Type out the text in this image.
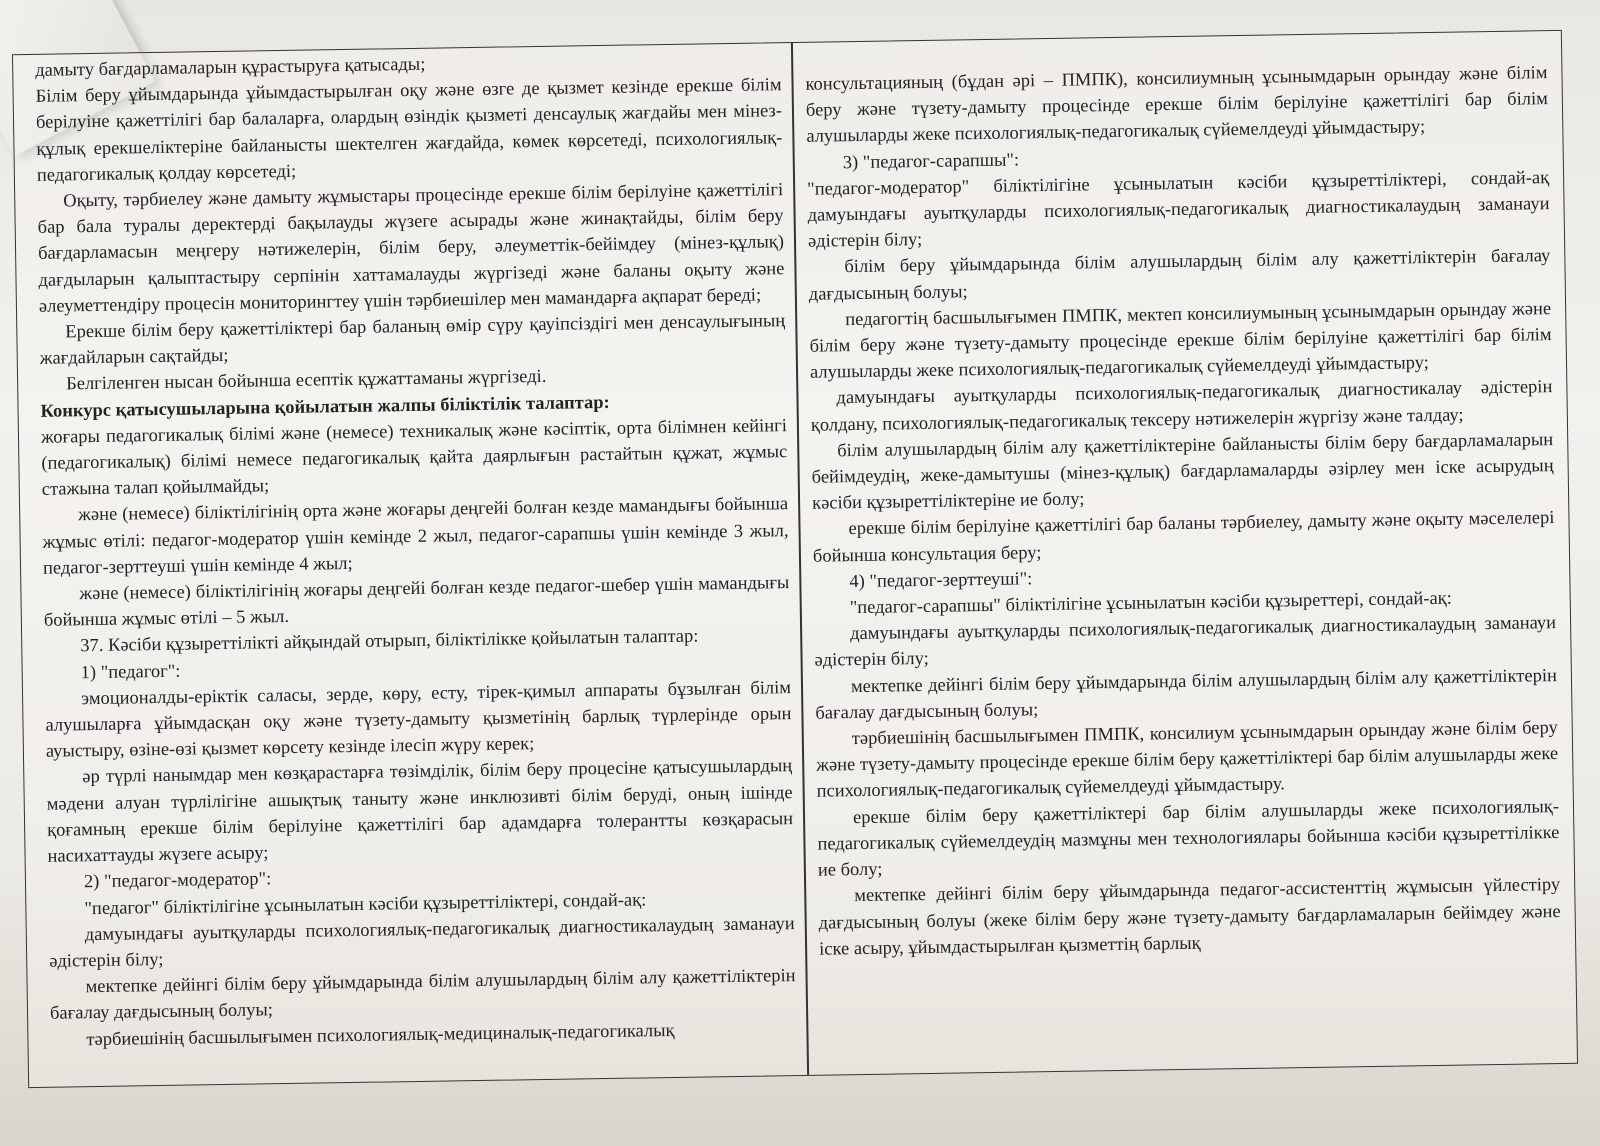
дамыту бағдарламаларын құрастыруға қатысады;

Білім беру ұйымдарында ұйымдастырылған оқу және өзге де қызмет кезінде ерекше білім берілуіне қажеттілігі бар балаларға, олардың өзіндік қызметі денсаулық жағдайы мен мінез-құлық ерекшеліктеріне байланысты шектелген жағдайда, көмек көрсетеді, психологиялық-педагогикалық қолдау көрсетеді;

Оқыту, тәрбиелеу және дамыту жұмыстары процесінде ерекше білім берілуіне қажеттілігі бар бала туралы деректерді бақылауды жүзеге асырады және жинақтайды, білім беру бағдарламасын меңгеру нәтижелерін, білім беру, әлеуметтік-бейімдеу (мінез-құлық) дағдыларын қалыптастыру серпінін хаттамалауды жүргізеді және баланы оқыту және әлеуметтендіру процесін мониторингтеу үшін тәрбиешілер мен мамандарға ақпарат береді;

Ерекше білім беру қажеттіліктері бар баланың өмір сүру қауіпсіздігі мен денсаулығының жағдайларын сақтайды;

Белгіленген нысан бойынша есептік құжаттаманы жүргізеді.

Конкурс қатысушыларына қойылатын жалпы біліктілік талаптар:

жоғары педагогикалық білімі және (немесе) техникалық және кәсіптік, орта білімнен кейінгі (педагогикалық) білімі немесе педагогикалық қайта даярлығын растайтын құжат, жұмыс стажына талап қойылмайды;

және (немесе) біліктілігінің орта және жоғары деңгейі болған кезде мамандығы бойынша жұмыс өтілі: педагог-модератор үшін кемінде 2 жыл, педагог-сарапшы үшін кемінде 3 жыл, педагог-зерттеуші үшін кемінде 4 жыл;

және (немесе) біліктілігінің жоғары деңгейі болған кезде педагог-шебер үшін мамандығы бойынша жұмыс өтілі – 5 жыл.

37. Кәсіби құзыреттілікті айқындай отырып, біліктілікке қойылатын талаптар:

1) "педагог":

эмоционалды-еріктік саласы, зерде, көру, есту, тірек-қимыл аппараты бұзылған білім алушыларға ұйымдасқан оқу және түзету-дамыту қызметінің барлық түрлерінде орын ауыстыру, өзіне-өзі қызмет көрсету кезінде ілесіп жүру керек;

әр түрлі нанымдар мен көзқарастарға төзімділік, білім беру процесіне қатысушылардың мәдени алуан түрлілігіне ашықтық таныту және инклюзивті білім беруді, оның ішінде қоғамның ерекше білім берілуіне қажеттілігі бар адамдарға толерантты көзқарасын насихаттауды жүзеге асыру;

2) "педагог-модератор":

"педагог" біліктілігіне ұсынылатын кәсіби құзыреттіліктері, сондай-ақ:

дамуындағы ауытқуларды психологиялық-педагогикалық диагностикалаудың заманауи әдістерін білу;

мектепке дейінгі білім беру ұйымдарында білім алушылардың білім алу қажеттіліктерін бағалау дағдысының болуы;

тәрбиешінің басшылығымен психологиялық-медициналық-педагогикалық

консультацияның (бұдан әрі – ПМПК), консилиумның ұсынымдарын орындау және білім беру және түзету-дамыту процесінде ерекше білім берілуіне қажеттілігі бар білім алушыларды жеке психологиялық-педагогикалық сүйемелдеуді ұйымдастыру;

3) "педагог-сарапшы":

"педагог-модератор" біліктілігіне ұсынылатын кәсіби құзыреттіліктері, сондай-ақ дамуындағы ауытқуларды психологиялық-педагогикалық диагностикалаудың заманауи әдістерін білу;

білім беру ұйымдарында білім алушылардың білім алу қажеттіліктерін бағалау дағдысының болуы;

педагогтің басшылығымен ПМПК, мектеп консилиумының ұсынымдарын орындау және білім беру және түзету-дамыту процесінде ерекше білім берілуіне қажеттілігі бар білім алушыларды жеке психологиялық-педагогикалық сүйемелдеуді ұйымдастыру;

дамуындағы ауытқуларды психологиялық-педагогикалық диагностикалау әдістерін қолдану, психологиялық-педагогикалық тексеру нәтижелерін жүргізу және талдау;

білім алушылардың білім алу қажеттіліктеріне байланысты білім беру бағдарламаларын бейімдеудің, жеке-дамытушы (мінез-құлық) бағдарламаларды әзірлеу мен іске асырудың кәсіби құзыреттіліктеріне ие болу;

ерекше білім берілуіне қажеттілігі бар баланы тәрбиелеу, дамыту және оқыту мәселелері бойынша консультация беру;

4) "педагог-зерттеуші":

"педагог-сарапшы" біліктілігіне ұсынылатын кәсіби құзыреттері, сондай-ақ:

дамуындағы ауытқуларды психологиялық-педагогикалық диагностикалаудың заманауи әдістерін білу;

мектепке дейінгі білім беру ұйымдарында білім алушылардың білім алу қажеттіліктерін бағалау дағдысының болуы;

тәрбиешінің басшылығымен ПМПК, консилиум ұсынымдарын орындау және білім беру және түзету-дамыту процесінде ерекше білім беру қажеттіліктері бар білім алушыларды жеке психологиялық-педагогикалық сүйемелдеуді ұйымдастыру.

ерекше білім беру қажеттіліктері бар білім алушыларды жеке психологиялық-педагогикалық сүйемелдеудің мазмұны мен технологиялары бойынша кәсіби құзыреттілікке ие болу;

мектепке дейінгі білім беру ұйымдарында педагог-ассистенттің жұмысын үйлестіру дағдысының болуы (жеке білім беру және түзету-дамыту бағдарламаларын бейімдеу және іске асыру, ұйымдастырылған қызметтің барлық
